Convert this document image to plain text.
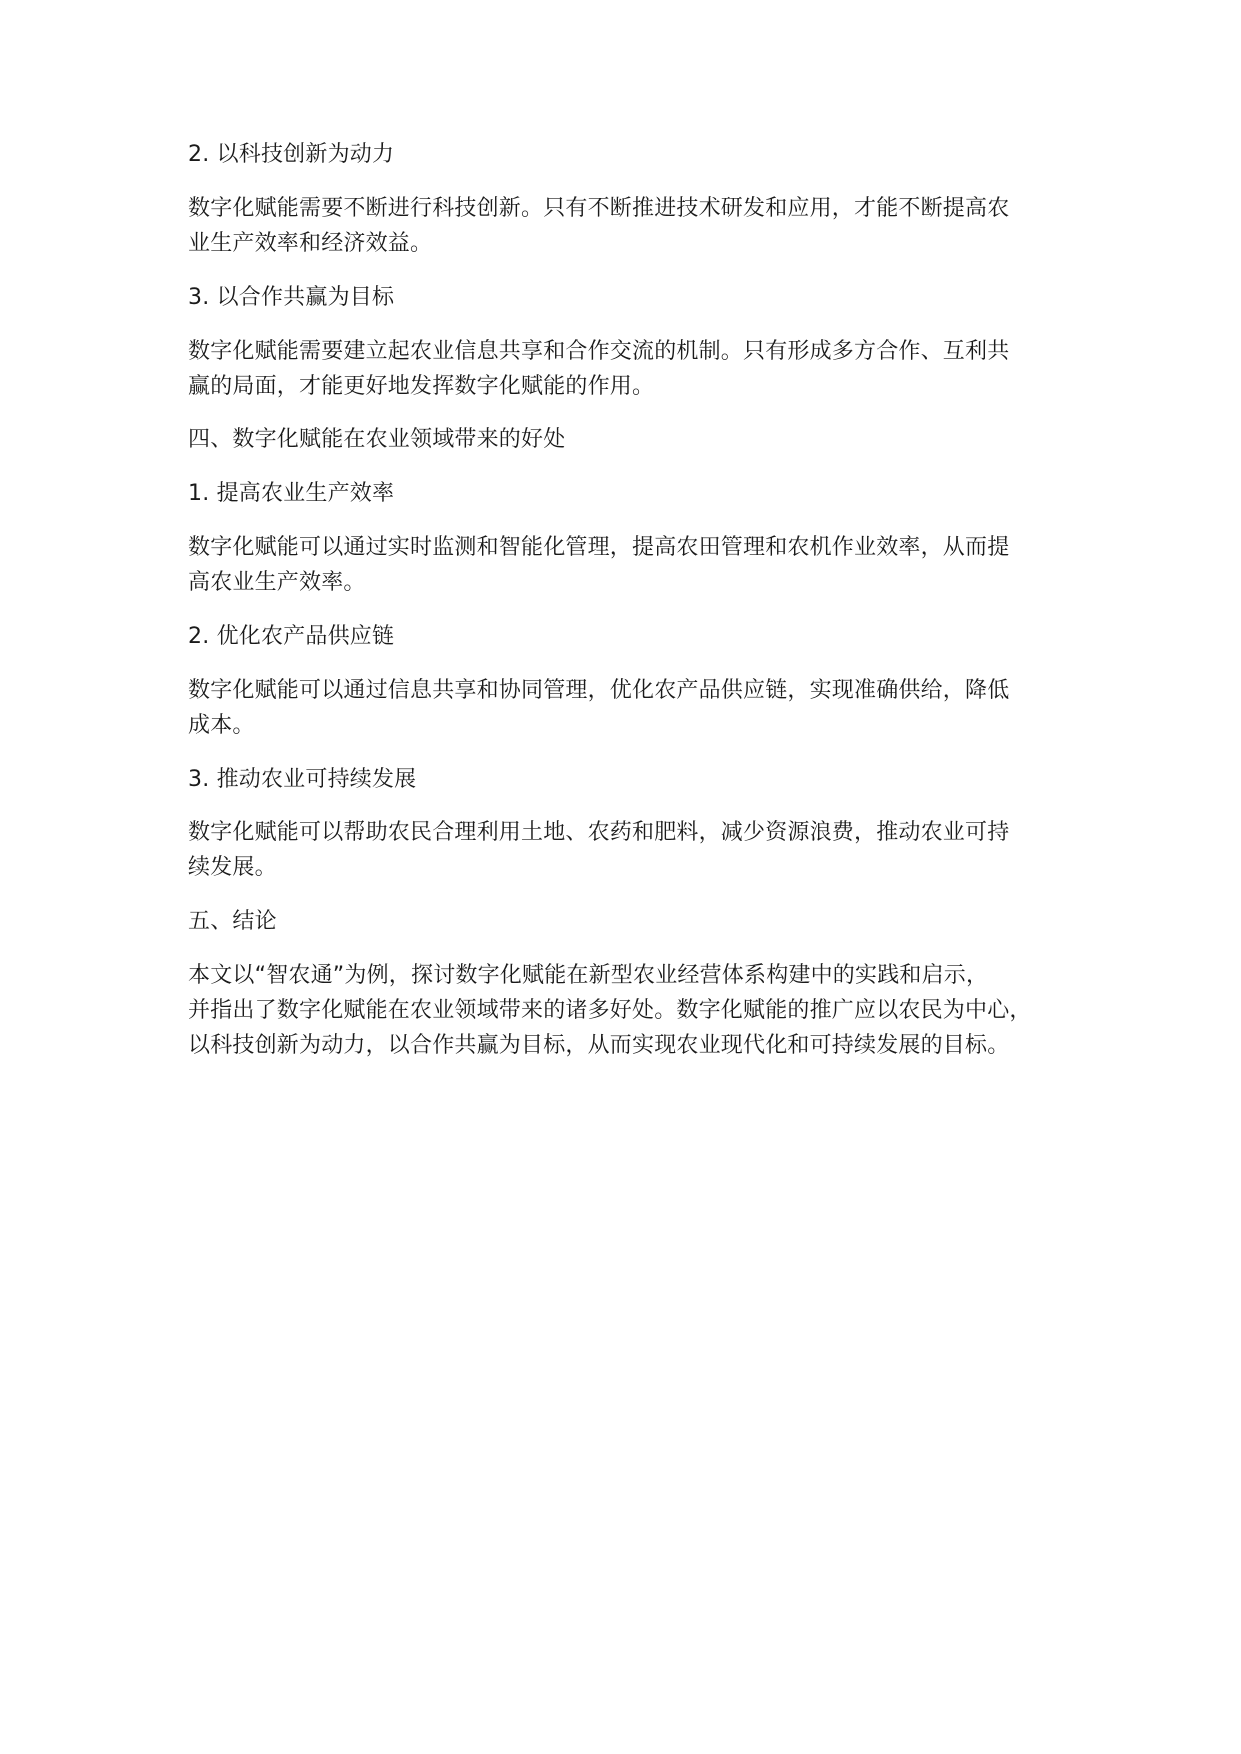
2. 以科技创新为动力

数字化赋能需要不断进行科技创新。只有不断推进技术研发和应用，才能不断提高农

业生产效率和经济效益。

3. 以合作共赢为目标

数字化赋能需要建立起农业信息共享和合作交流的机制。只有形成多方合作、互利共

赢的局面，才能更好地发挥数字化赋能的作用。

四、数字化赋能在农业领域带来的好处

1. 提高农业生产效率

数字化赋能可以通过实时监测和智能化管理，提高农田管理和农机作业效率，从而提

高农业生产效率。

2. 优化农产品供应链

数字化赋能可以通过信息共享和协同管理，优化农产品供应链，实现准确供给，降低

成本。

3. 推动农业可持续发展

数字化赋能可以帮助农民合理利用土地、农药和肥料，减少资源浪费，推动农业可持

续发展。

五、结论

本文以“智农通”为例，探讨数字化赋能在新型农业经营体系构建中的实践和启示，

并指出了数字化赋能在农业领域带来的诸多好处。数字化赋能的推广应以农民为中心，

以科技创新为动力，以合作共赢为目标，从而实现农业现代化和可持续发展的目标。
